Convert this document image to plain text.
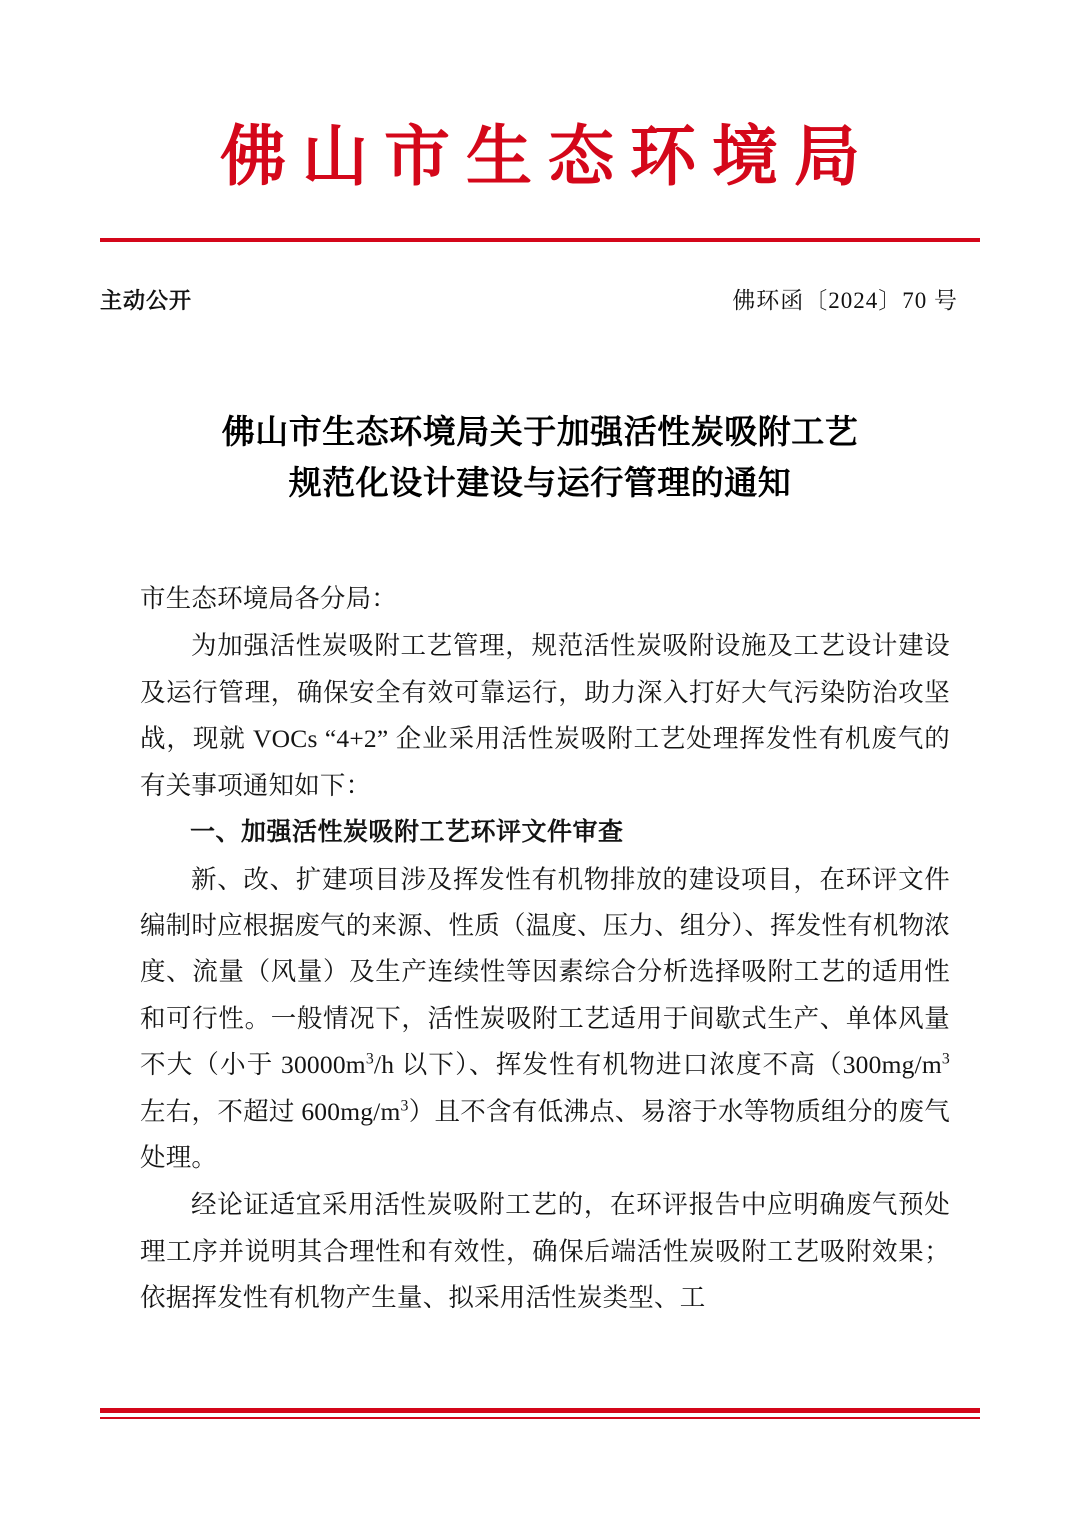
佛山市生态环境局
主动公开	佛环函〔2024〕70 号
佛山市生态环境局关于加强活性炭吸附工艺
规范化设计建设与运行管理的通知

市生态环境局各分局：

为加强活性炭吸附工艺管理，规范活性炭吸附设施及工艺设计建设及运行管理，确保安全有效可靠运行，助力深入打好大气污染防治攻坚战，现就 VOCs “4+2” 企业采用活性炭吸附工艺处理挥发性有机废气的有关事项通知如下：

一、加强活性炭吸附工艺环评文件审查

新、改、扩建项目涉及挥发性有机物排放的建设项目，在环评文件编制时应根据废气的来源、性质（温度、压力、组分）、挥发性有机物浓度、流量（风量）及生产连续性等因素综合分析选择吸附工艺的适用性和可行性。一般情况下，活性炭吸附工艺适用于间歇式生产、单体风量不大（小于 $30000m^3/h$ 以下）、挥发性有机物进口浓度不高（$300mg/m^3$左右，不超过 $600mg/m^3$）且不含有低沸点、易溶于水等物质组分的废气处理。

经论证适宜采用活性炭吸附工艺的，在环评报告中应明确废气预处理工序并说明其合理性和有效性，确保后端活性炭吸附工艺吸附效果；依据挥发性有机物产生量、拟采用活性炭类型、工
